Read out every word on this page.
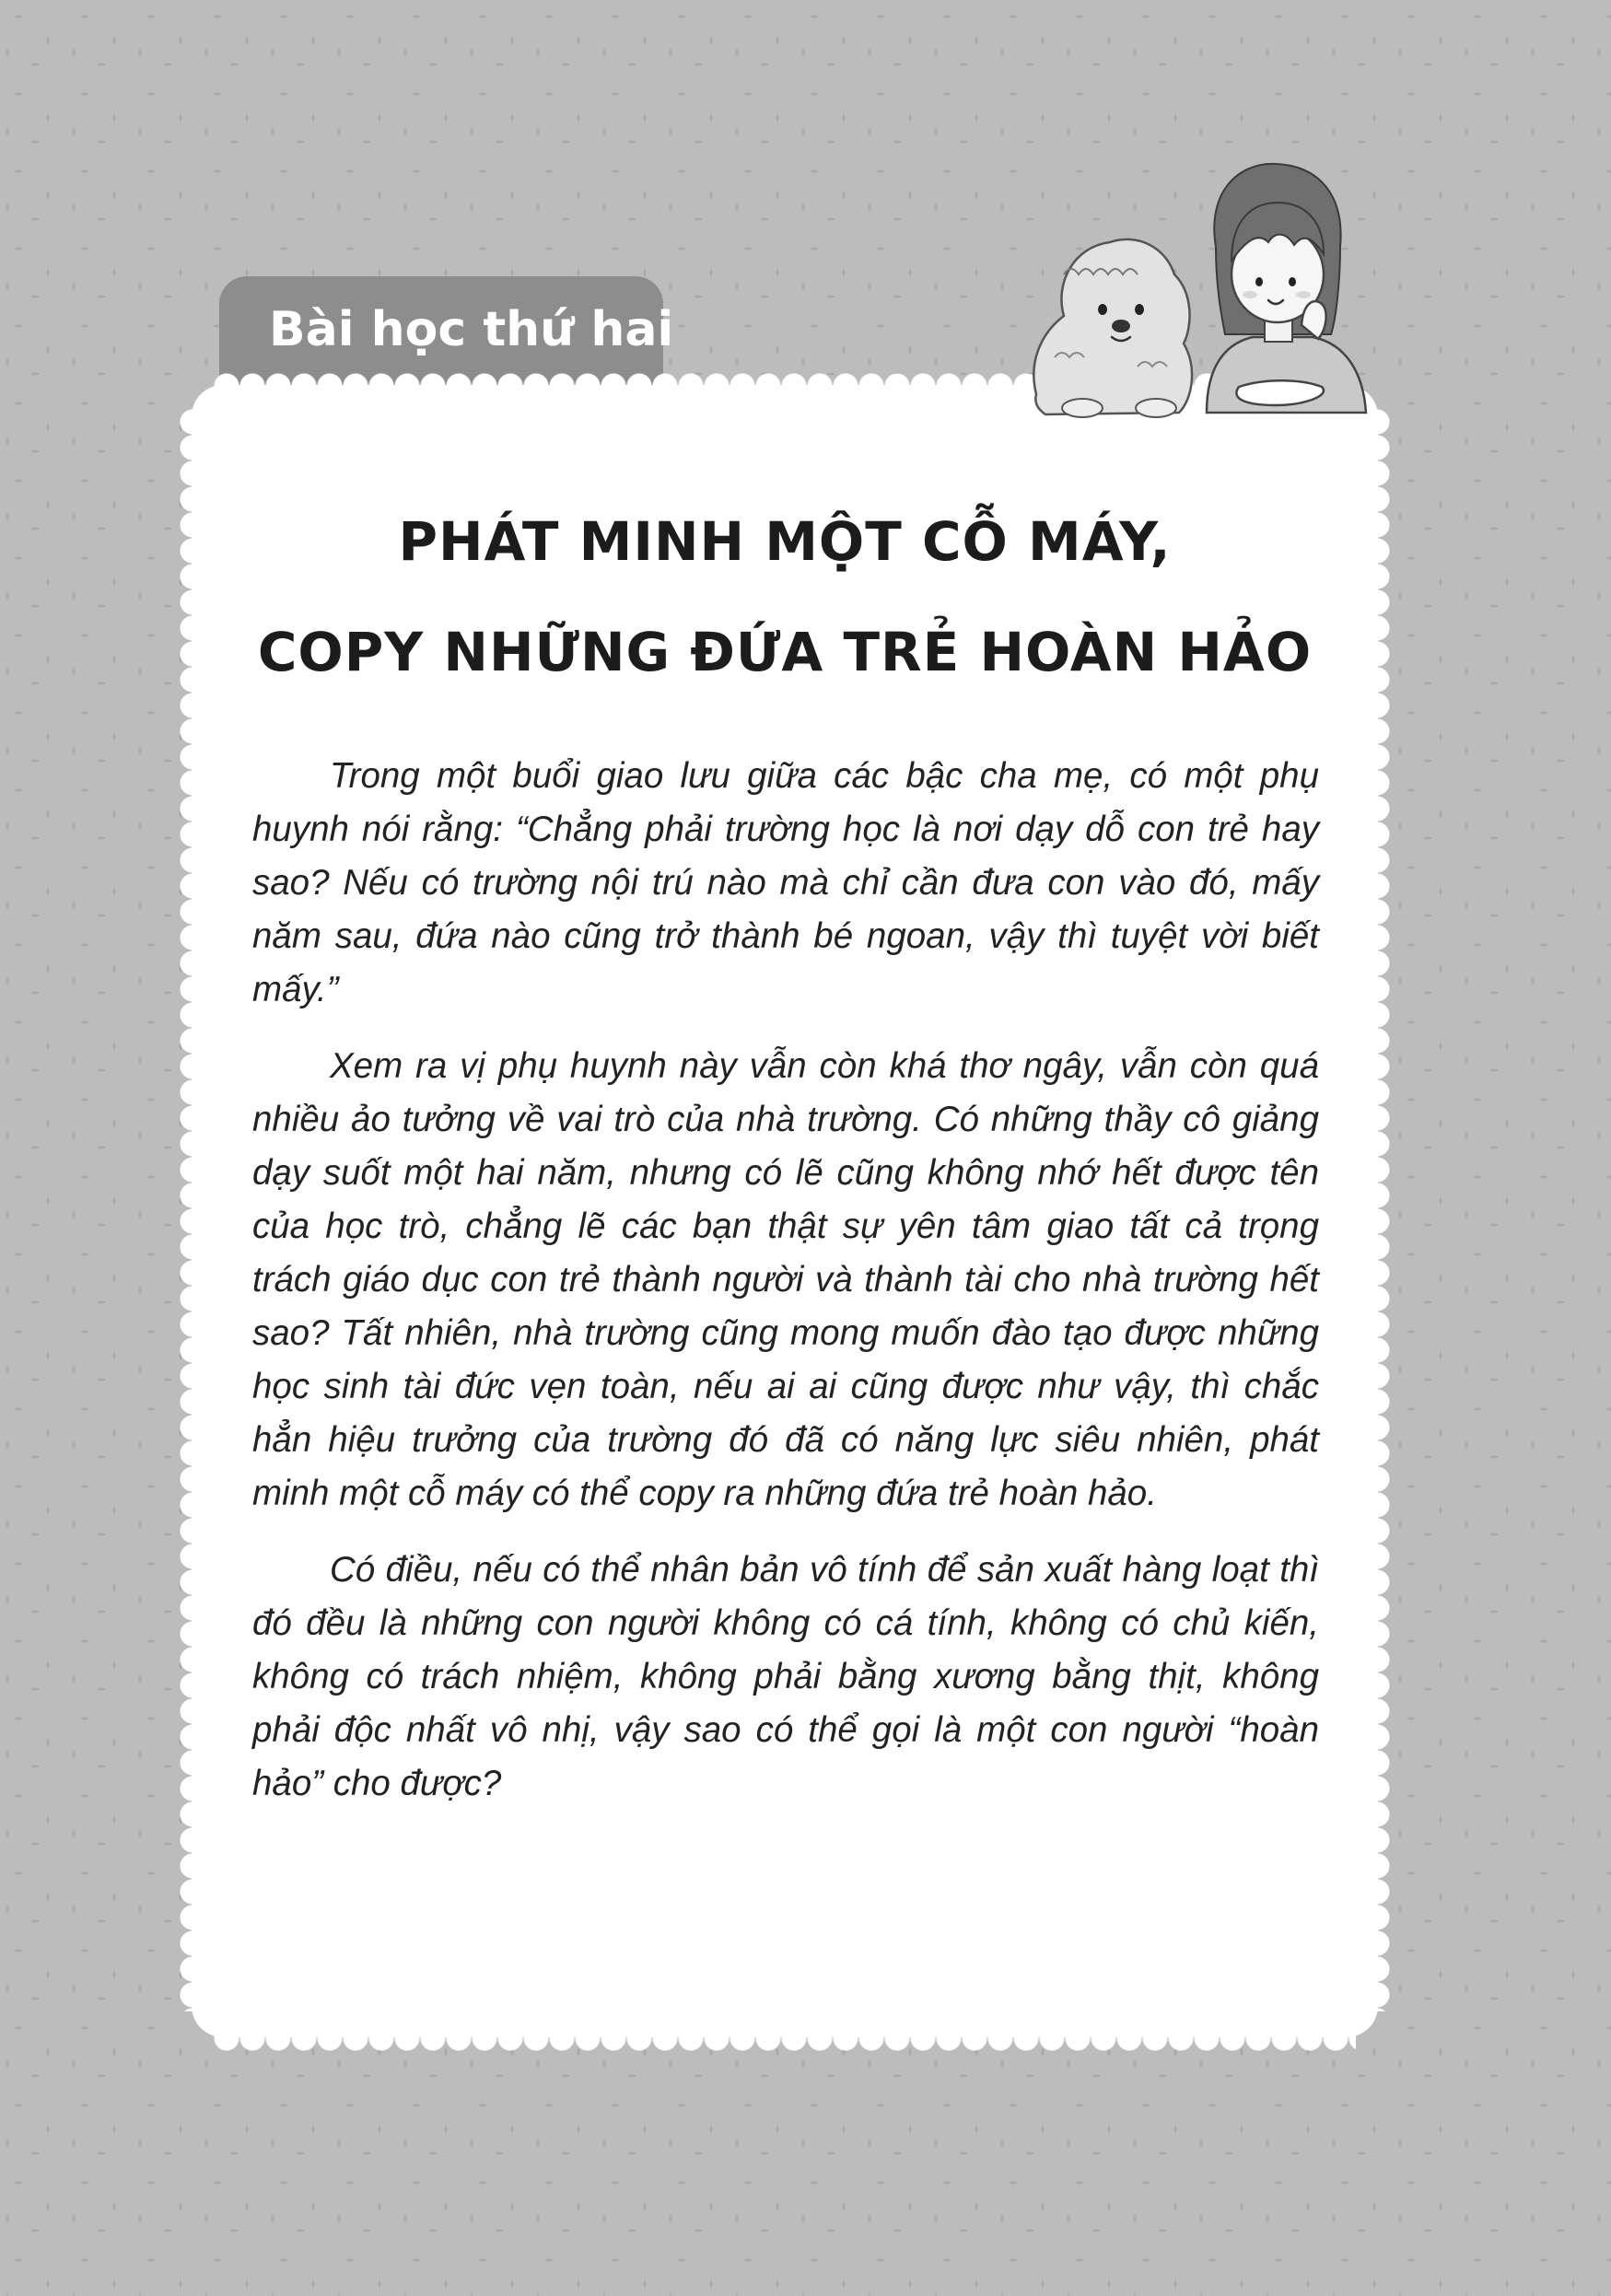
Bài học thứ hai
PHÁT MINH MỘT CỖ MÁY,
COPY NHỮNG ĐỨA TRẺ HOÀN HẢO

Trong một buổi giao lưu giữa các bậc cha mẹ, có một phụ huynh nói rằng: “Chẳng phải trường học là nơi dạy dỗ con trẻ hay sao? Nếu có trường nội trú nào mà chỉ cần đưa con vào đó, mấy năm sau, đứa nào cũng trở thành bé ngoan, vậy thì tuyệt vời biết mấy.”

Xem ra vị phụ huynh này vẫn còn khá thơ ngây, vẫn còn quá nhiều ảo tưởng về vai trò của nhà trường. Có những thầy cô giảng dạy suốt một hai năm, nhưng có lẽ cũng không nhớ hết được tên của học trò, chẳng lẽ các bạn thật sự yên tâm giao tất cả trọng trách giáo dục con trẻ thành người và thành tài cho nhà trường hết sao? Tất nhiên, nhà trường cũng mong muốn đào tạo được những học sinh tài đức vẹn toàn, nếu ai ai cũng được như vậy, thì chắc hẳn hiệu trưởng của trường đó đã có năng lực siêu nhiên, phát minh một cỗ máy có thể copy ra những đứa trẻ hoàn hảo.

Có điều, nếu có thể nhân bản vô tính để sản xuất hàng loạt thì đó đều là những con người không có cá tính, không có chủ kiến, không có trách nhiệm, không phải bằng xương bằng thịt, không phải độc nhất vô nhị, vậy sao có thể gọi là một con người “hoàn hảo” cho được?
